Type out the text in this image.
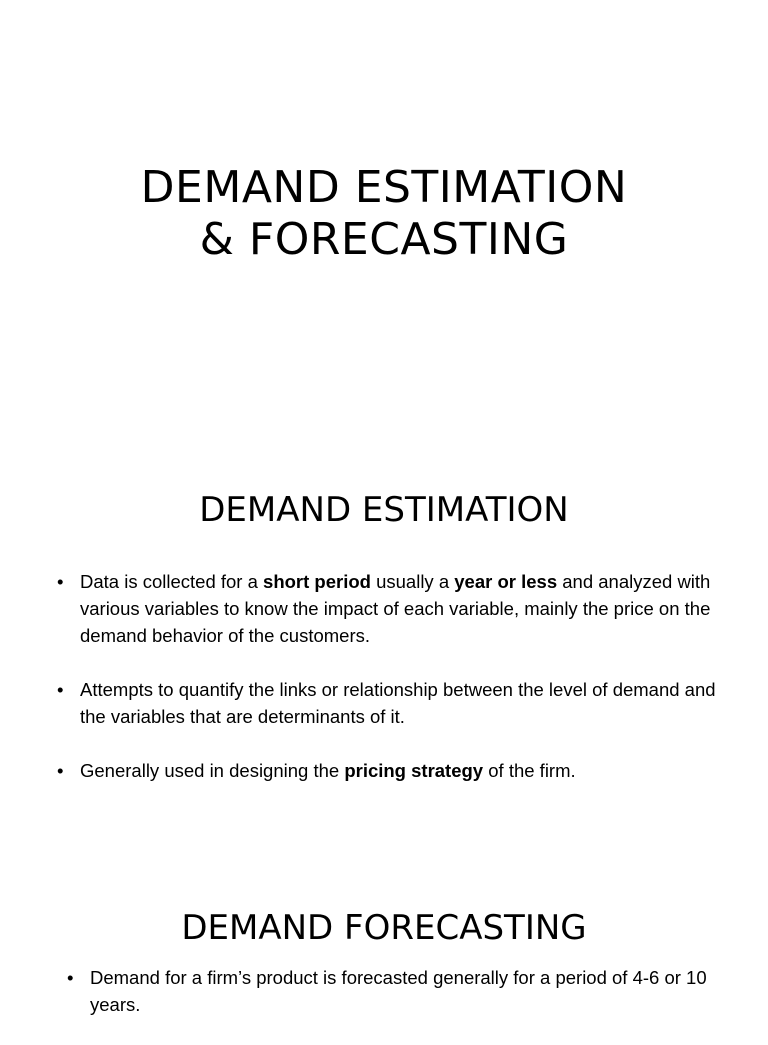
DEMAND ESTIMATION
& FORECASTING
DEMAND ESTIMATION
• Data is collected for a short period usually a year or less and analyzed with various variables to know the impact of each variable, mainly the price on the demand behavior of the customers.
• Attempts to quantify the links or relationship between the level of demand and the variables that are determinants of it.
• Generally used in designing the pricing strategy of the firm.
DEMAND FORECASTING
• Demand for a firm’s product is forecasted generally for a period of 4-6 or 10 years.
